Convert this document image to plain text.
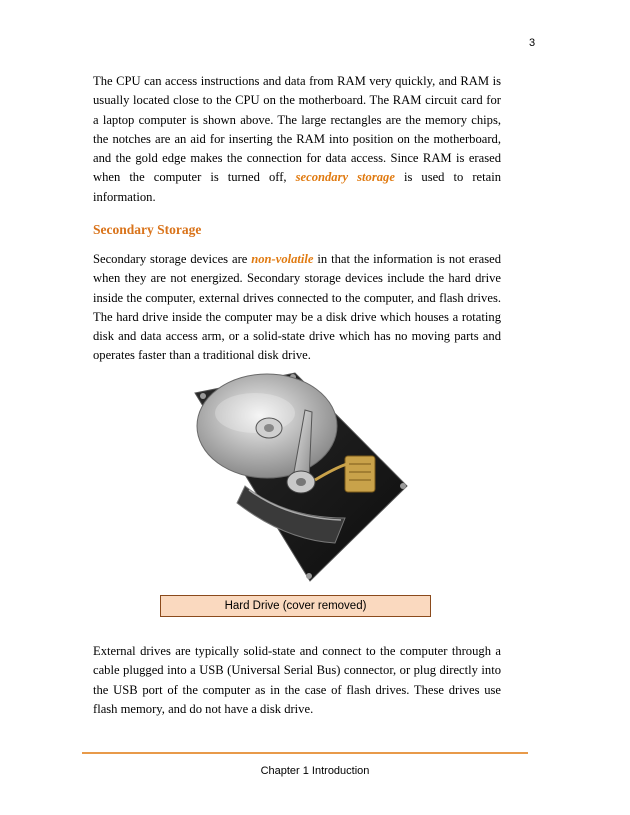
3

The CPU can access instructions and data from RAM very quickly, and RAM is usually located close to the CPU on the motherboard. The RAM circuit card for a laptop computer is shown above. The large rectangles are the memory chips, the notches are an aid for inserting the RAM into position on the motherboard, and the gold edge makes the connection for data access. Since RAM is erased when the computer is turned off, secondary storage is used to retain information.

Secondary Storage

Secondary storage devices are non-volatile in that the information is not erased when they are not energized. Secondary storage devices include the hard drive inside the computer, external drives connected to the computer, and flash drives. The hard drive inside the computer may be a disk drive which houses a rotating disk and data access arm, or a solid-state drive which has no moving parts and operates faster than a traditional disk drive.

Hard Drive (cover removed)

External drives are typically solid-state and connect to the computer through a cable plugged into a USB (Universal Serial Bus) connector, or plug directly into the USB port of the computer as in the case of flash drives. These drives use flash memory, and do not have a disk drive.

Chapter 1 Introduction
